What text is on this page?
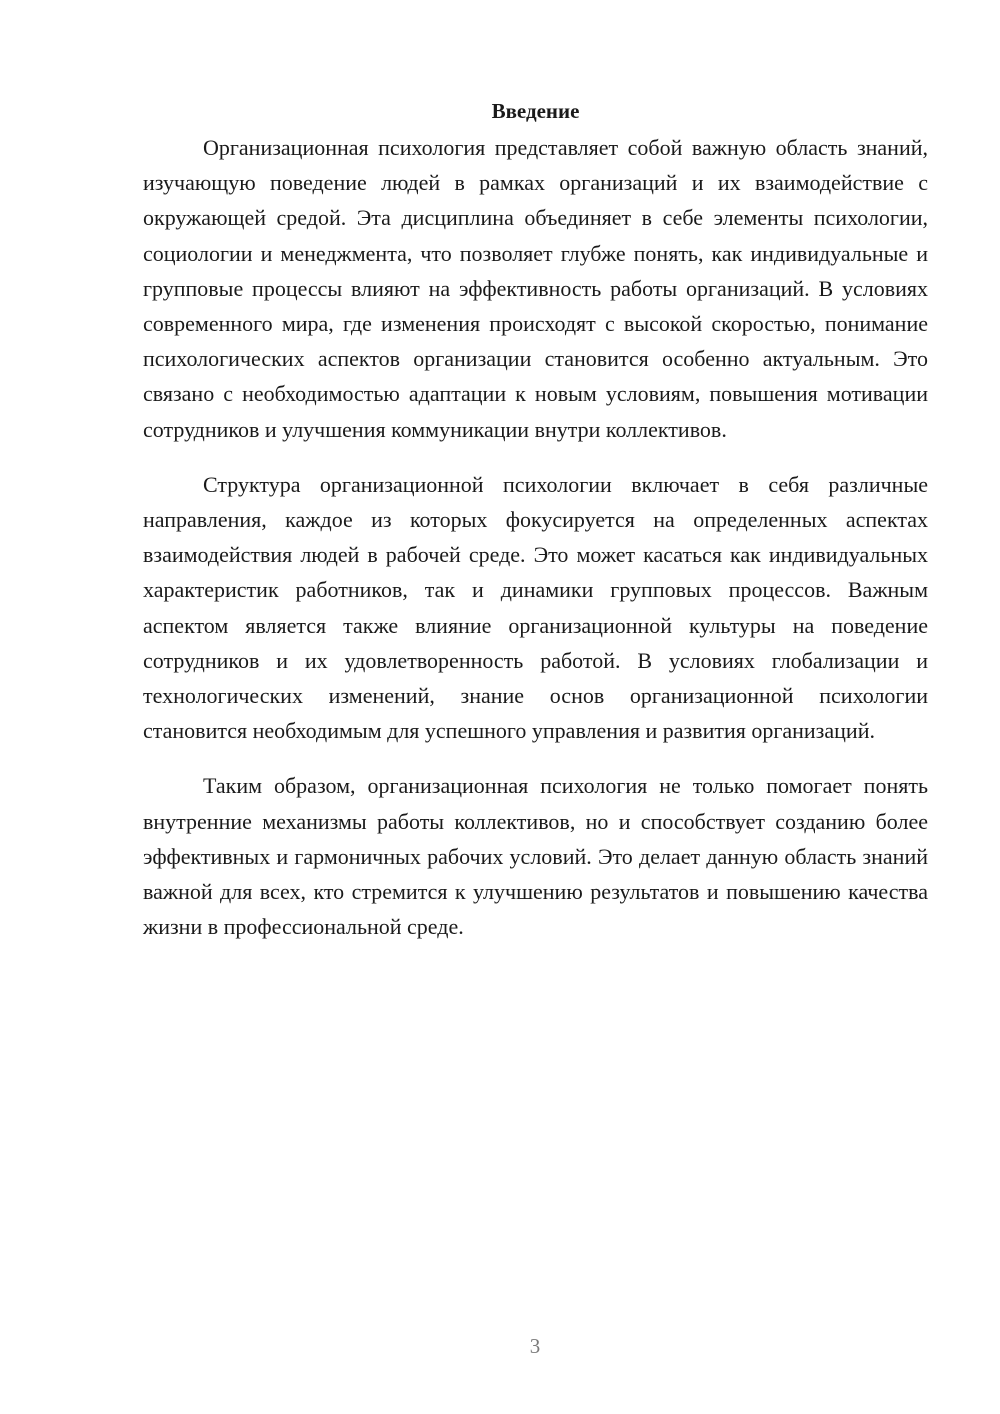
Введение

Организационная психология представляет собой важную область знаний, изучающую поведение людей в рамках организаций и их взаимодействие с окружающей средой. Эта дисциплина объединяет в себе элементы психологии, социологии и менеджмента, что позволяет глубже понять, как индивидуальные и групповые процессы влияют на эффективность работы организаций. В условиях современного мира, где изменения происходят с высокой скоростью, понимание психологических аспектов организации становится особенно актуальным. Это связано с необходимостью адаптации к новым условиям, повышения мотивации сотрудников и улучшения коммуникации внутри коллективов.

Структура организационной психологии включает в себя различные направления, каждое из которых фокусируется на определенных аспектах взаимодействия людей в рабочей среде. Это может касаться как индивидуальных характеристик работников, так и динамики групповых процессов. Важным аспектом является также влияние организационной культуры на поведение сотрудников и их удовлетворенность работой. В условиях глобализации и технологических изменений, знание основ организационной психологии становится необходимым для успешного управления и развития организаций.

Таким образом, организационная психология не только помогает понять внутренние механизмы работы коллективов, но и способствует созданию более эффективных и гармоничных рабочих условий. Это делает данную область знаний важной для всех, кто стремится к улучшению результатов и повышению качества жизни в профессиональной среде.

3
